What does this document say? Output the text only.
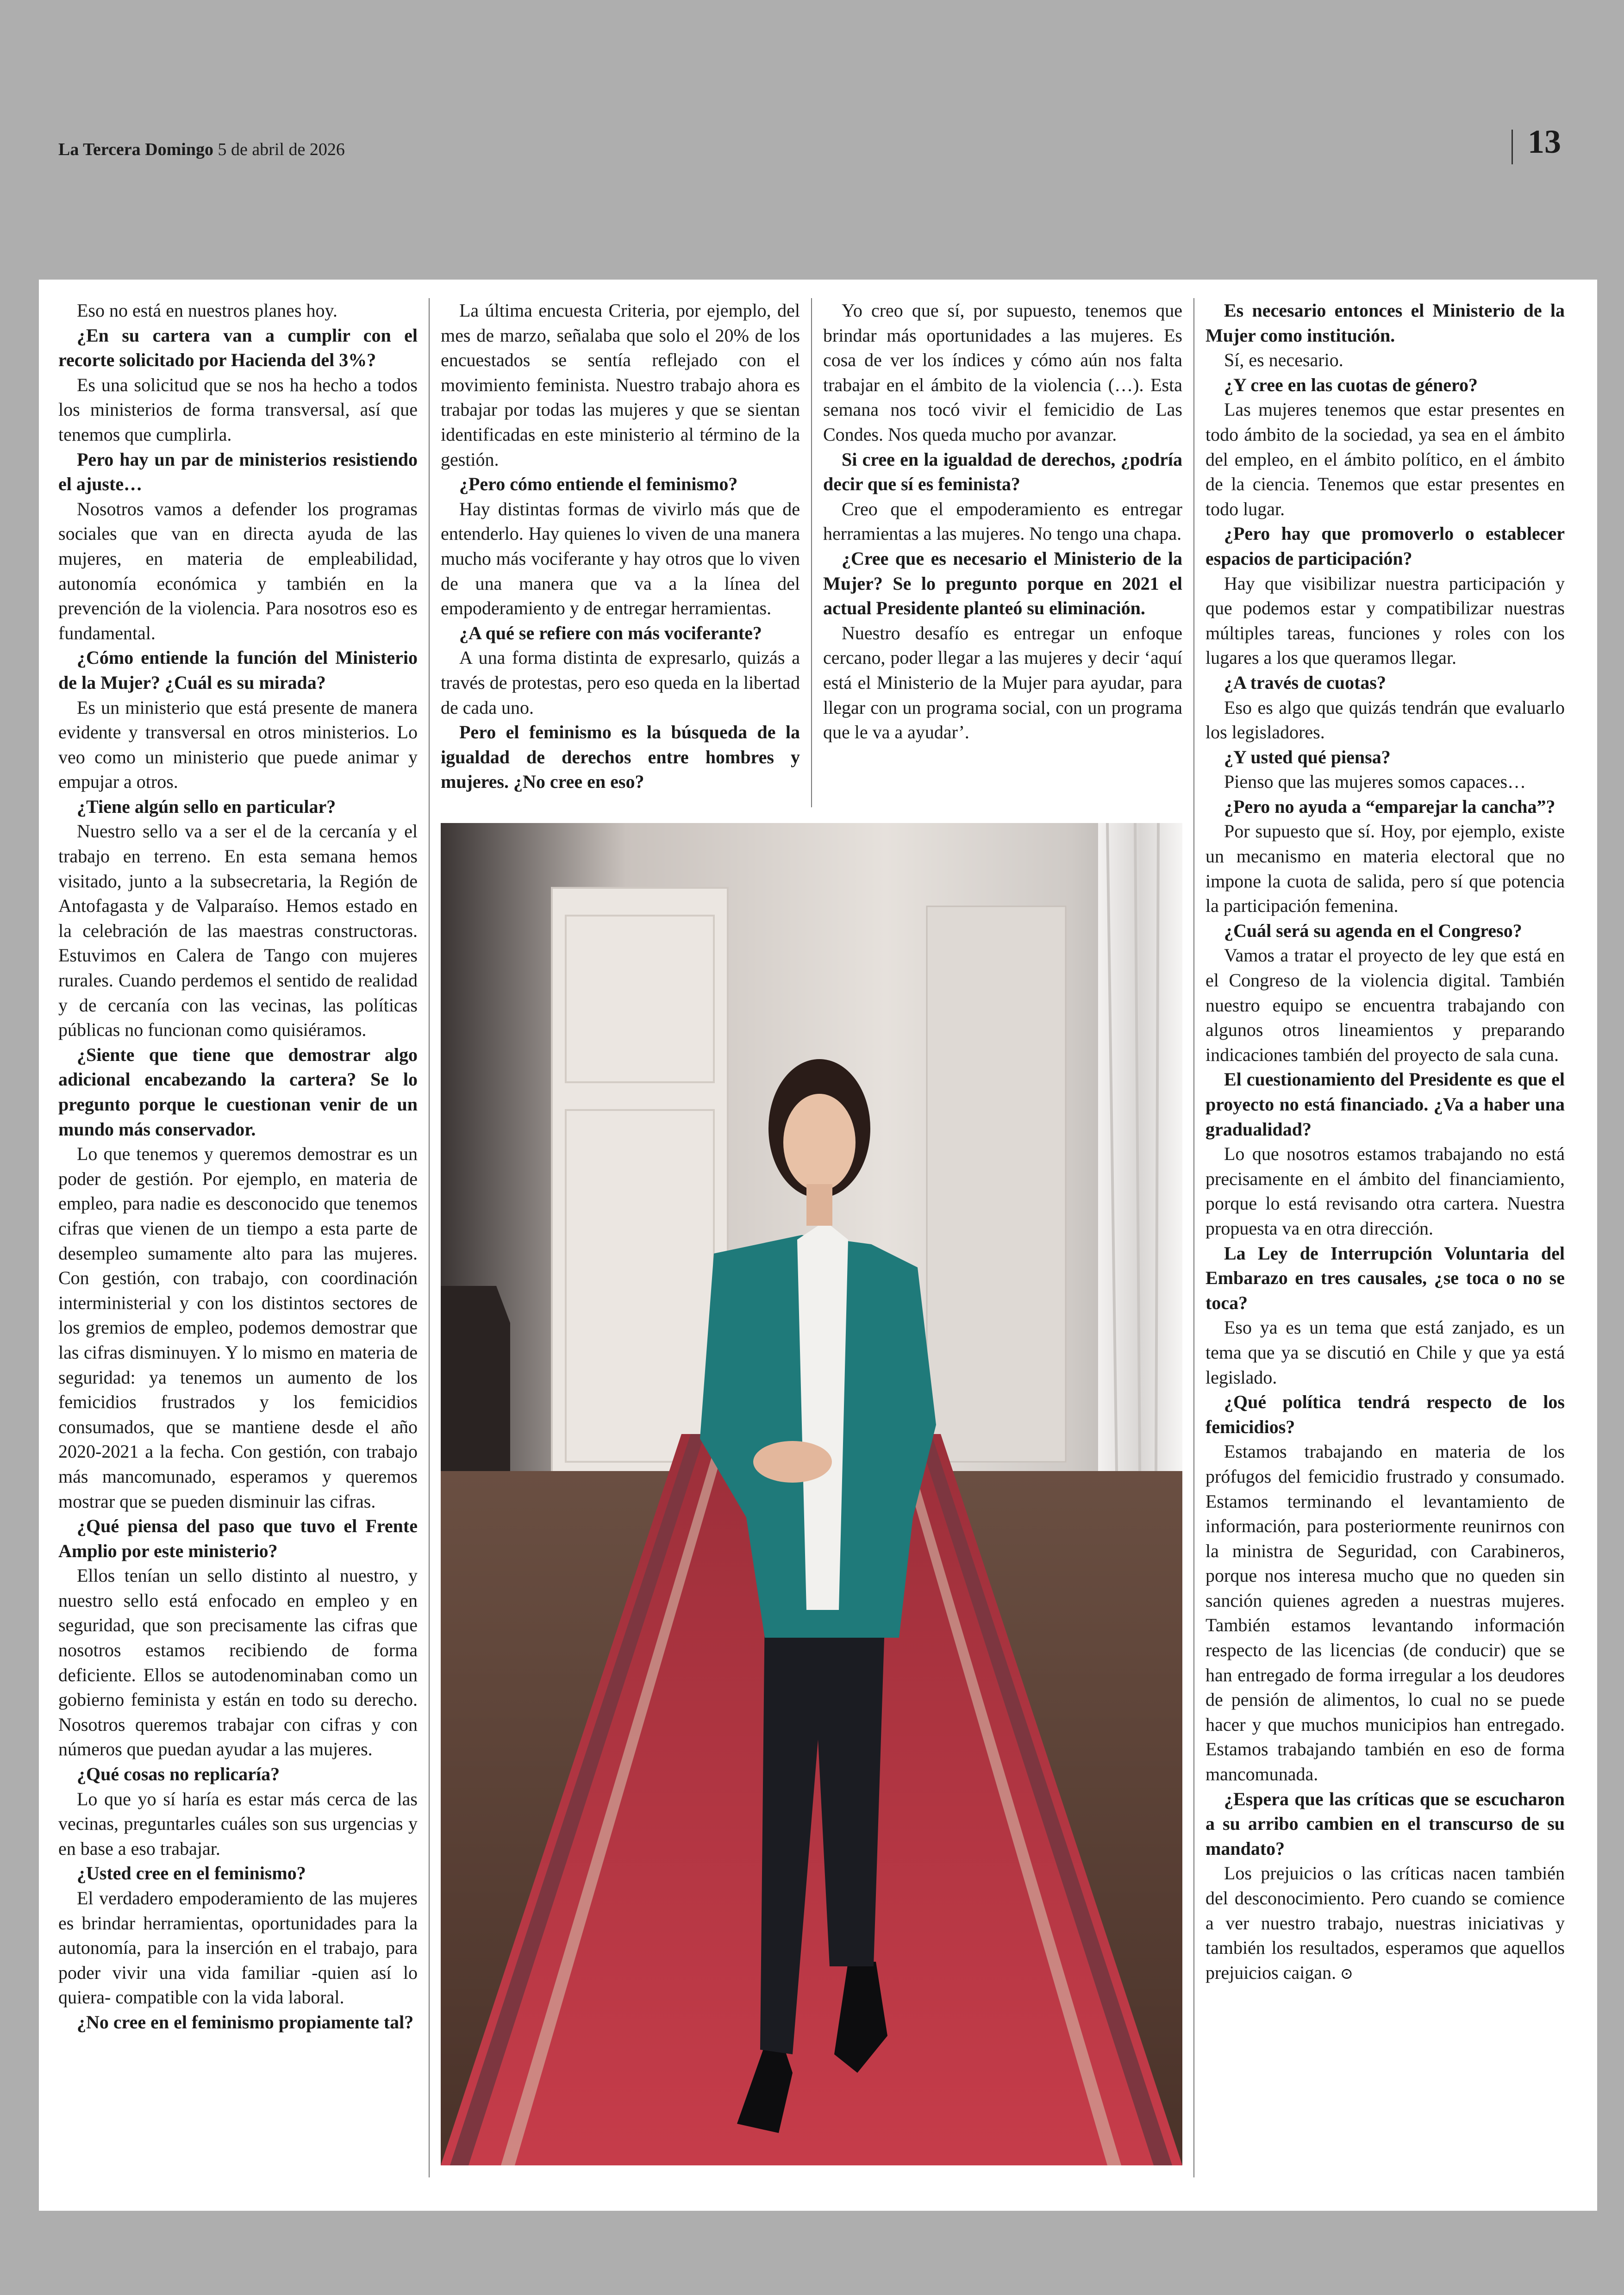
La Tercera Domingo 5 de abril de 2026	13

Eso no está en nuestros planes hoy.

¿En su cartera van a cumplir con el recorte solicitado por Hacienda del 3%?

Es una solicitud que se nos ha hecho a todos los ministerios de forma transversal, así que tenemos que cumplirla.

Pero hay un par de ministerios resistiendo el ajuste…

Nosotros vamos a defender los programas sociales que van en directa ayuda de las mujeres, en materia de empleabilidad, autonomía económica y también en la prevención de la violencia. Para nosotros eso es fundamental.

¿Cómo entiende la función del Ministerio de la Mujer? ¿Cuál es su mirada?

Es un ministerio que está presente de manera evidente y transversal en otros ministerios. Lo veo como un ministerio que puede animar y empujar a otros.

¿Tiene algún sello en particular?

Nuestro sello va a ser el de la cercanía y el trabajo en terreno. En esta semana hemos visitado, junto a la subsecretaria, la Región de Antofagasta y de Valparaíso. Hemos estado en la celebración de las maestras constructoras. Estuvimos en Calera de Tango con mujeres rurales. Cuando perdemos el sentido de realidad y de cercanía con las vecinas, las políticas públicas no funcionan como quisiéramos.

¿Siente que tiene que demostrar algo adicional encabezando la cartera? Se lo pregunto porque le cuestionan venir de un mundo más conservador.

Lo que tenemos y queremos demostrar es un poder de gestión. Por ejemplo, en materia de empleo, para nadie es desconocido que tenemos cifras que vienen de un tiempo a esta parte de desempleo sumamente alto para las mujeres. Con gestión, con trabajo, con coordinación interministerial y con los distintos sectores de los gremios de empleo, podemos demostrar que las cifras disminuyen. Y lo mismo en materia de seguridad: ya tenemos un aumento de los femicidios frustrados y los femicidios consumados, que se mantiene desde el año 2020-2021 a la fecha. Con gestión, con trabajo más mancomunado, esperamos y queremos mostrar que se pueden disminuir las cifras.

¿Qué piensa del paso que tuvo el Frente Amplio por este ministerio?

Ellos tenían un sello distinto al nuestro, y nuestro sello está enfocado en empleo y en seguridad, que son precisamente las cifras que nosotros estamos recibiendo de forma deficiente. Ellos se autodenominaban como un gobierno feminista y están en todo su derecho. Nosotros queremos trabajar con cifras y con números que puedan ayudar a las mujeres.

¿Qué cosas no replicaría?

Lo que yo sí haría es estar más cerca de las vecinas, preguntarles cuáles son sus urgencias y en base a eso trabajar.

¿Usted cree en el feminismo?

El verdadero empoderamiento de las mujeres es brindar herramientas, oportunidades para la autonomía, para la inserción en el trabajo, para poder vivir una vida familiar -quien así lo quiera- compatible con la vida laboral.

¿No cree en el feminismo propiamente tal?

La última encuesta Criteria, por ejemplo, del mes de marzo, señalaba que solo el 20% de los encuestados se sentía reflejado con el movimiento feminista. Nuestro trabajo ahora es trabajar por todas las mujeres y que se sientan identificadas en este ministerio al término de la gestión.

¿Pero cómo entiende el feminismo?

Hay distintas formas de vivirlo más que de entenderlo. Hay quienes lo viven de una manera mucho más vociferante y hay otros que lo viven de una manera que va a la línea del empoderamiento y de entregar herramientas.

¿A qué se refiere con más vociferante?

A una forma distinta de expresarlo, quizás a través de protestas, pero eso queda en la libertad de cada uno.

Pero el feminismo es la búsqueda de la igualdad de derechos entre hombres y mujeres. ¿No cree en eso?

Yo creo que sí, por supuesto, tenemos que brindar más oportunidades a las mujeres. Es cosa de ver los índices y cómo aún nos falta trabajar en el ámbito de la violencia (…). Esta semana nos tocó vivir el femicidio de Las Condes. Nos queda mucho por avanzar.

Si cree en la igualdad de derechos, ¿podría decir que sí es feminista?

Creo que el empoderamiento es entregar herramientas a las mujeres. No tengo una chapa.

¿Cree que es necesario el Ministerio de la Mujer? Se lo pregunto porque en 2021 el actual Presidente planteó su eliminación.

Nuestro desafío es entregar un enfoque cercano, poder llegar a las mujeres y decir ‘aquí está el Ministerio de la Mujer para ayudar, para llegar con un programa social, con un programa que le va a ayudar’.

Es necesario entonces el Ministerio de la Mujer como institución.

Sí, es necesario.

¿Y cree en las cuotas de género?

Las mujeres tenemos que estar presentes en todo ámbito de la sociedad, ya sea en el ámbito del empleo, en el ámbito político, en el ámbito de la ciencia. Tenemos que estar presentes en todo lugar.

¿Pero hay que promoverlo o establecer espacios de participación?

Hay que visibilizar nuestra participación y que podemos estar y compatibilizar nuestras múltiples tareas, funciones y roles con los lugares a los que queramos llegar.

¿A través de cuotas?

Eso es algo que quizás tendrán que evaluarlo los legisladores.

¿Y usted qué piensa?

Pienso que las mujeres somos capaces…

¿Pero no ayuda a “emparejar la cancha”?

Por supuesto que sí. Hoy, por ejemplo, existe un mecanismo en materia electoral que no impone la cuota de salida, pero sí que potencia la participación femenina.

¿Cuál será su agenda en el Congreso?

Vamos a tratar el proyecto de ley que está en el Congreso de la violencia digital. También nuestro equipo se encuentra trabajando con algunos otros lineamientos y preparando indicaciones también del proyecto de sala cuna.

El cuestionamiento del Presidente es que el proyecto no está financiado. ¿Va a haber una gradualidad?

Lo que nosotros estamos trabajando no está precisamente en el ámbito del financiamiento, porque lo está revisando otra cartera. Nuestra propuesta va en otra dirección.

La Ley de Interrupción Voluntaria del Embarazo en tres causales, ¿se toca o no se toca?

Eso ya es un tema que está zanjado, es un tema que ya se discutió en Chile y que ya está legislado.

¿Qué política tendrá respecto de los femicidios?

Estamos trabajando en materia de los prófugos del femicidio frustrado y consumado. Estamos terminando el levantamiento de información, para posteriormente reunirnos con la ministra de Seguridad, con Carabineros, porque nos interesa mucho que no queden sin sanción quienes agreden a nuestras mujeres. También estamos levantando información respecto de las licencias (de conducir) que se han entregado de forma irregular a los deudores de pensión de alimentos, lo cual no se puede hacer y que muchos municipios han entregado. Estamos trabajando también en eso de forma mancomunada.

¿Espera que las críticas que se escucharon a su arribo cambien en el transcurso de su mandato?

Los prejuicios o las críticas nacen también del desconocimiento. Pero cuando se comience a ver nuestro trabajo, nuestras iniciativas y también los resultados, esperamos que aquellos prejuicios caigan. ⊙
